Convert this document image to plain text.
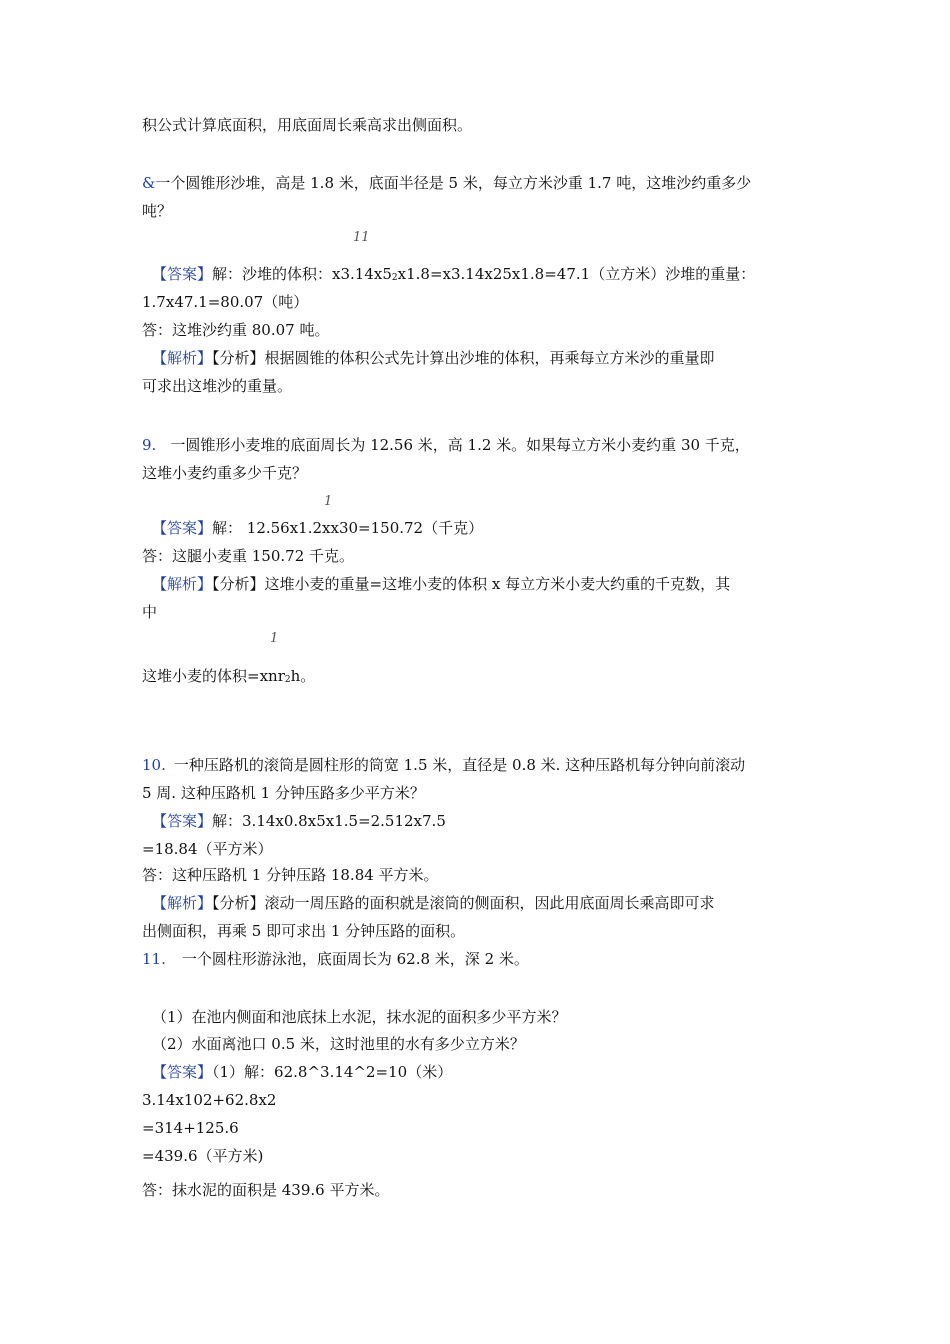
积公式计算底面积，用底面周长乘高求出侧面积。
&一个圆锥形沙堆，高是 1.8 米，底面半径是 5 米，每立方米沙重 1.7 吨，这堆沙约重多少
吨？
11
【答案】解：沙堆的体积：$x3.14x5_2x1.8=x3.14x25x1.8=47.1$（立方米）沙堆的重量：
1.7x47.1=80.07（吨）
答：这堆沙约重 80.07 吨。
【解析】【分析】根据圆锥的体积公式先计算出沙堆的体积，再乘每立方米沙的重量即
可求出这堆沙的重量。
9. 一圆锥形小麦堆的底面周长为 12.56 米，高 1.2 米。如果每立方米小麦约重 30 千克，
这堆小麦约重多少千克？
1
【答案】解： 12.56x1.2xx30=150.72（千克）
答：这腿小麦重 150.72 千克。
【解析】【分析】这堆小麦的重量=这堆小麦的体积 x 每立方米小麦大约重的千克数，其
中
1
这堆小麦的体积=xnr$_2$h。
10. 一种压路机的滚筒是圆柱形的筒宽 1.5 米，直径是 0.8 米. 这种压路机每分钟向前滚动
5 周. 这种压路机 1 分钟压路多少平方米？
【答案】解：3.14x0.8x5x1.5=2.512x7.5
=18.84（平方米）
答：这种压路机 1 分钟压路 18.84 平方米。
【解析】【分析】滚动一周压路的面积就是滚筒的侧面积，因此用底面周长乘高即可求
出侧面积，再乘 5 即可求出 1 分钟压路的面积。
11. 一个圆柱形游泳池，底面周长为 62.8 米，深 2 米。
（1）在池内侧面和池底抹上水泥，抹水泥的面积多少平方米？
（2）水面离池口 0.5 米，这时池里的水有多少立方米？
【答案】（1）解：62.8^3.14^2=10（米）
3.14x102+62.8x2
=314+125.6
=439.6（平方米)
答：抹水泥的面积是 439.6 平方米。
